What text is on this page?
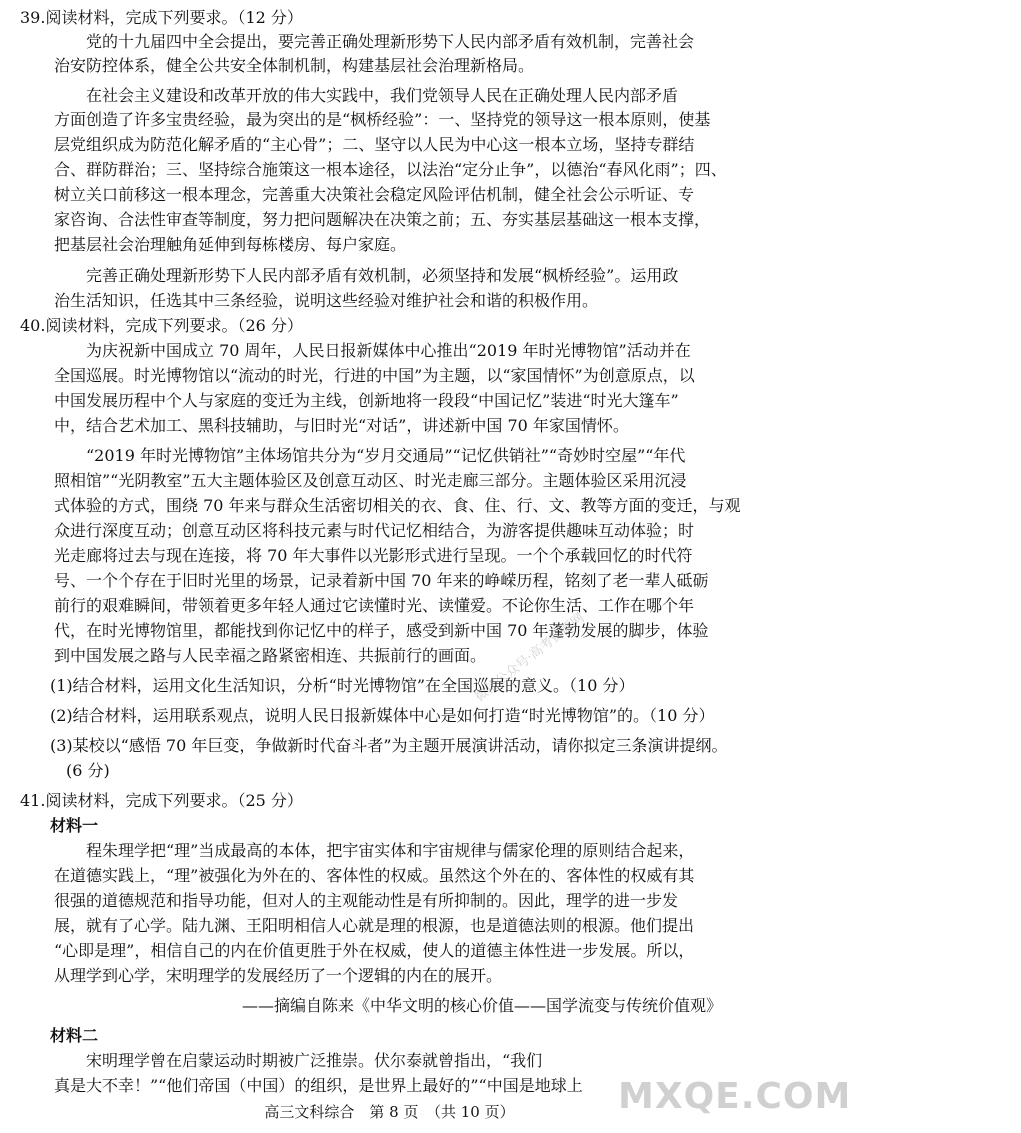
39.阅读材料，完成下列要求。（12 分）
党的十九届四中全会提出，要完善正确处理新形势下人民内部矛盾有效机制，完善社会
治安防控体系，健全公共安全体制机制，构建基层社会治理新格局。
在社会主义建设和改革开放的伟大实践中，我们党领导人民在正确处理人民内部矛盾
方面创造了许多宝贵经验，最为突出的是“枫桥经验”：一、坚持党的领导这一根本原则，使基
层党组织成为防范化解矛盾的“主心骨”；二、坚守以人民为中心这一根本立场，坚持专群结
合、群防群治；三、坚持综合施策这一根本途径，以法治“定分止争”，以德治“春风化雨”；四、
树立关口前移这一根本理念，完善重大决策社会稳定风险评估机制，健全社会公示听证、专
家咨询、合法性审查等制度，努力把问题解决在决策之前；五、夯实基层基础这一根本支撑，
把基层社会治理触角延伸到每栋楼房、每户家庭。
完善正确处理新形势下人民内部矛盾有效机制，必须坚持和发展“枫桥经验”。运用政
治生活知识，任选其中三条经验，说明这些经验对维护社会和谐的积极作用。
40.阅读材料，完成下列要求。（26 分）
为庆祝新中国成立 70 周年，人民日报新媒体中心推出“2019 年时光博物馆”活动并在
全国巡展。时光博物馆以“流动的时光，行进的中国”为主题，以“家国情怀”为创意原点，以
中国发展历程中个人与家庭的变迁为主线，创新地将一段段“中国记忆”装进“时光大篷车”
中，结合艺术加工、黑科技辅助，与旧时光“对话”，讲述新中国 70 年家国情怀。
“2019 年时光博物馆”主体场馆共分为“岁月交通局”“记忆供销社”“奇妙时空屋”“年代
照相馆”“光阴教室”五大主题体验区及创意互动区、时光走廊三部分。主题体验区采用沉浸
式体验的方式，围绕 70 年来与群众生活密切相关的衣、食、住、行、文、教等方面的变迁，与观
众进行深度互动；创意互动区将科技元素与时代记忆相结合，为游客提供趣味互动体验；时
光走廊将过去与现在连接，将 70 年大事件以光影形式进行呈现。一个个承载回忆的时代符
号、一个个存在于旧时光里的场景，记录着新中国 70 年来的峥嵘历程，铭刻了老一辈人砥砺
前行的艰难瞬间，带领着更多年轻人通过它读懂时光、读懂爱。不论你生活、工作在哪个年
代，在时光博物馆里，都能找到你记忆中的样子，感受到新中国 70 年蓬勃发展的脚步，体验
到中国发展之路与人民幸福之路紧密相连、共振前行的画面。
(1)结合材料，运用文化生活知识，分析“时光博物馆”在全国巡展的意义。（10 分）
(2)结合材料，运用联系观点，说明人民日报新媒体中心是如何打造“时光博物馆”的。（10 分）
(3)某校以“感悟 70 年巨变，争做新时代奋斗者”为主题开展演讲活动，请你拟定三条演讲提纲。
(6 分)
41.阅读材料，完成下列要求。（25 分）
材料一
程朱理学把“理”当成最高的本体，把宇宙实体和宇宙规律与儒家伦理的原则结合起来，
在道德实践上，“理”被强化为外在的、客体性的权威。虽然这个外在的、客体性的权威有其
很强的道德规范和指导功能，但对人的主观能动性是有所抑制的。因此，理学的进一步发
展，就有了心学。陆九渊、王阳明相信人心就是理的根源，也是道德法则的根源。他们提出
“心即是理”，相信自己的内在价值更胜于外在权威，使人的道德主体性进一步发展。所以，
从理学到心学，宋明理学的发展经历了一个逻辑的内在的展开。
——摘编自陈来《中华文明的核心价值——国学流变与传统价值观》
材料二
宋明理学曾在启蒙运动时期被广泛推崇。伏尔泰就曾指出，“我们
真是大不幸！”“他们帝国（中国）的组织，是世界上最好的”“中国是地球上
高三文科综合　第 8 页　（共 10 页）
微信公众号·高考资源网
MXQE.COM
